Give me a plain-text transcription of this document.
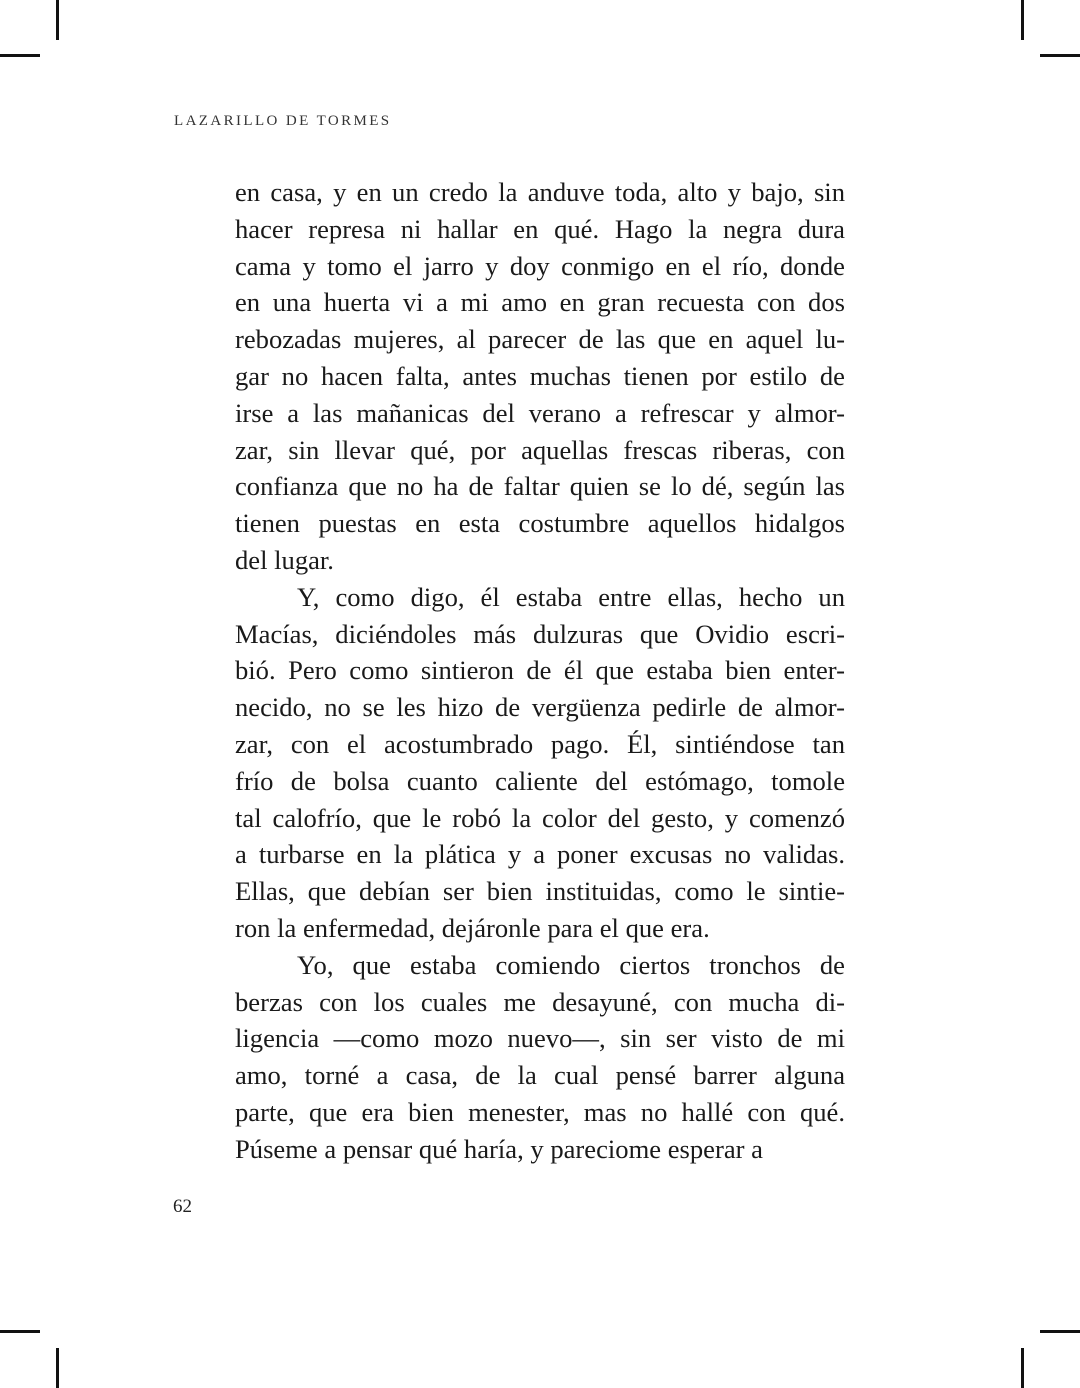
LAZARILLO DE TORMES
en casa, y en un credo la anduve toda, alto y bajo, sin
hacer represa ni hallar en qué. Hago la negra dura
cama y tomo el jarro y doy conmigo en el río, donde
en una huerta vi a mi amo en gran recuesta con dos
rebozadas mujeres, al parecer de las que en aquel lu-
gar no hacen falta, antes muchas tienen por estilo de
irse a las mañanicas del verano a refrescar y almor-
zar, sin llevar qué, por aquellas frescas riberas, con
confianza que no ha de faltar quien se lo dé, según las
tienen puestas en esta costumbre aquellos hidalgos
del lugar.
Y, como digo, él estaba entre ellas, hecho un
Macías, diciéndoles más dulzuras que Ovidio escri-
bió. Pero como sintieron de él que estaba bien enter-
necido, no se les hizo de vergüenza pedirle de almor-
zar, con el acostumbrado pago. Él, sintiéndose tan
frío de bolsa cuanto caliente del estómago, tomole
tal calofrío, que le robó la color del gesto, y comenzó
a turbarse en la plática y a poner excusas no validas.
Ellas, que debían ser bien instituidas, como le sintie-
ron la enfermedad, dejáronle para el que era.
Yo, que estaba comiendo ciertos tronchos de
berzas con los cuales me desayuné, con mucha di-
ligencia —como mozo nuevo—, sin ser visto de mi
amo, torné a casa, de la cual pensé barrer alguna
parte, que era bien menester, mas no hallé con qué.
Púseme a pensar qué haría, y pareciome esperar a
62
